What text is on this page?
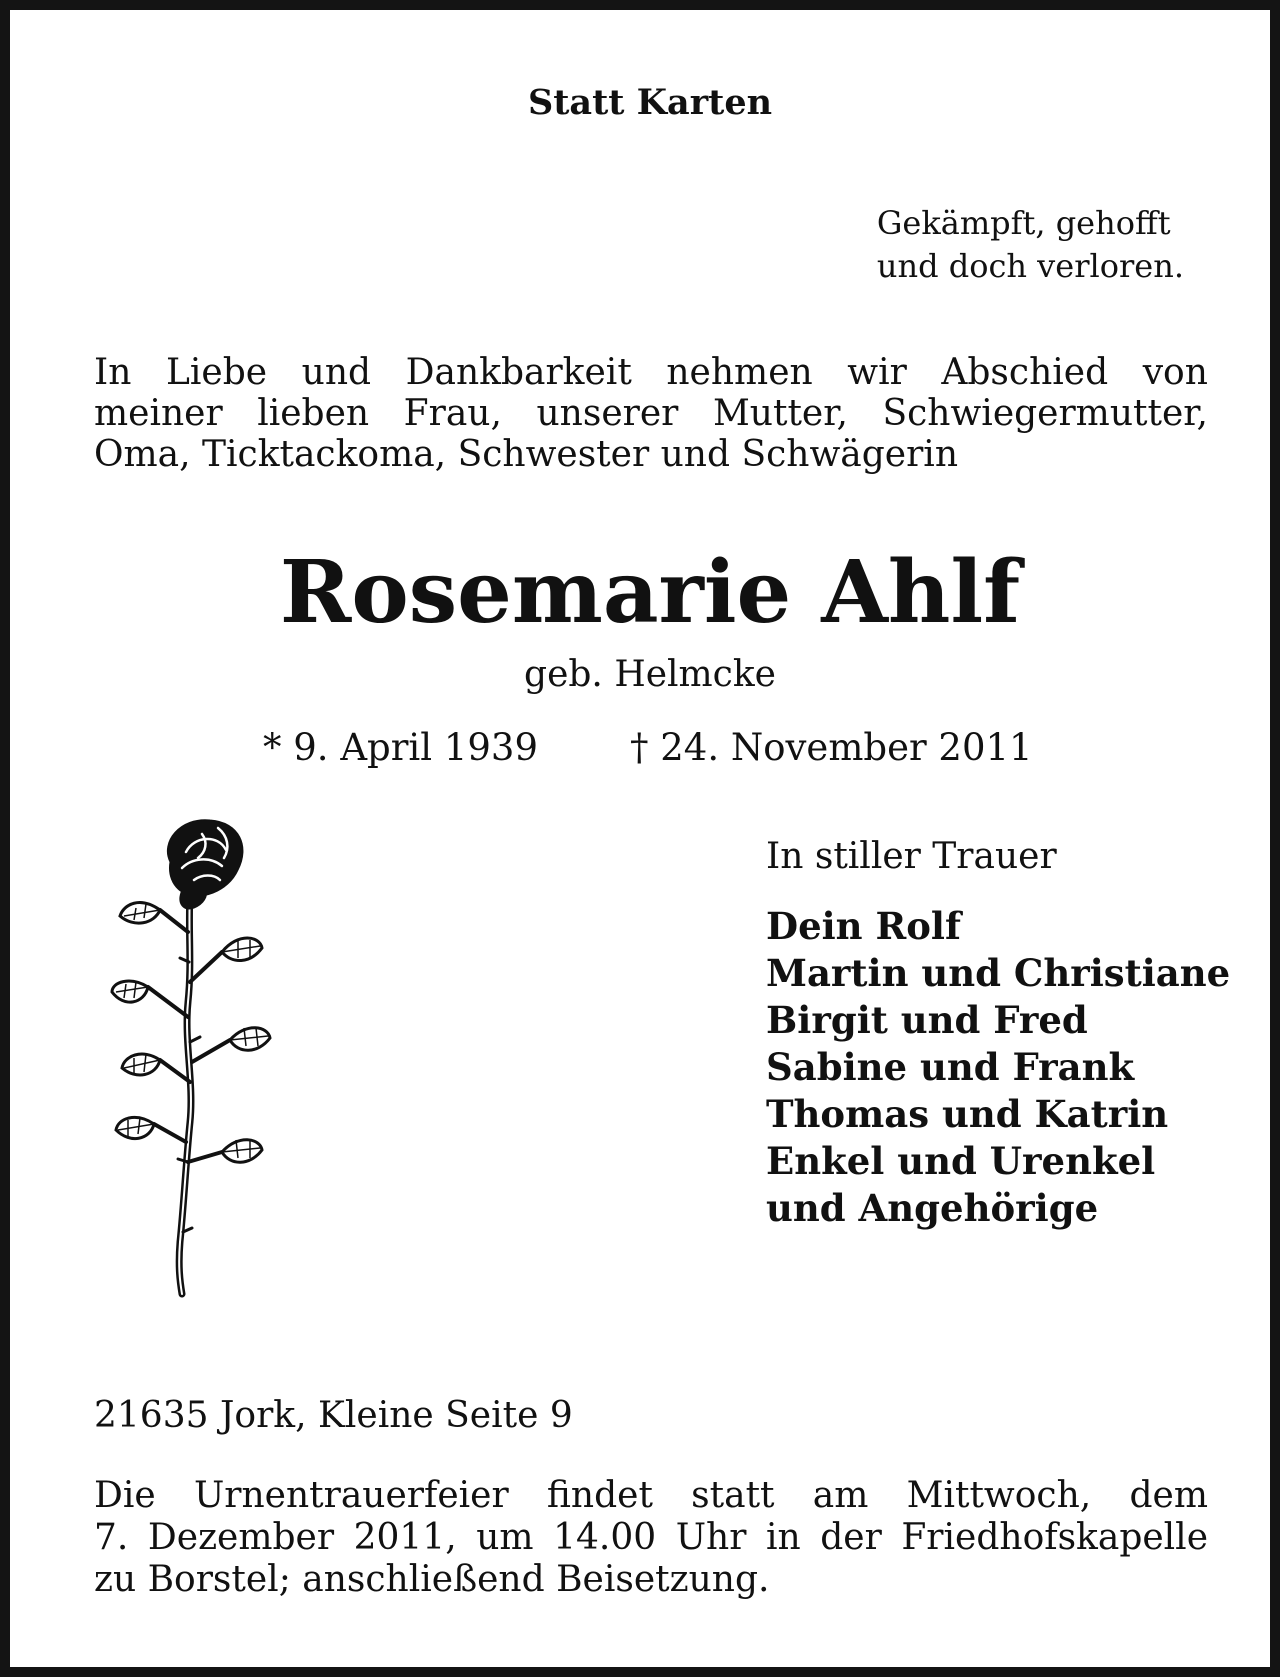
Statt Karten
Gekämpft, gehofft
und doch verloren.
In Liebe und Dankbarkeit nehmen wir Abschied von
meiner lieben Frau, unserer Mutter, Schwiegermutter,
Oma, Ticktackoma, Schwester und Schwägerin
Rosemarie Ahlf
geb. Helmcke
* 9. April 1939 † 24. November 2011
In stiller Trauer
Dein Rolf
Martin und Christiane
Birgit und Fred
Sabine und Frank
Thomas und Katrin
Enkel und Urenkel
und Angehörige
21635 Jork, Kleine Seite 9
Die Urnentrauerfeier findet statt am Mittwoch, dem
7. Dezember 2011, um 14.00 Uhr in der Friedhofskapelle
zu Borstel; anschließend Beisetzung.
